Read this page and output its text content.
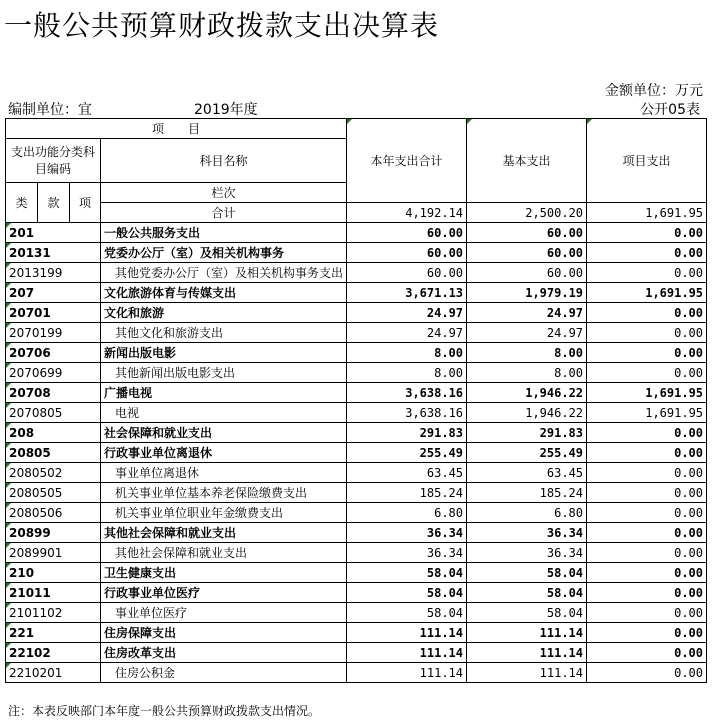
一般公共预算财政拨款支出决算表
金额单位：万元
编制单位：宜	2019年度	公开05表
项　　目				本年支出合计	基本支出	项目支出	
支出功能分类科目编码			科目名称				

类	款	项	栏次			
			合计	4,192.14	2,500.20	1,691.95	
201			一般公共服务支出	60.00	60.00	0.00	
20131			党委办公厅（室）及相关机构事务	60.00	60.00	0.00	
2013199			其他党委办公厅（室）及相关机构事务支出	60.00	60.00	0.00	
207			文化旅游体育与传媒支出	3,671.13	1,979.19	1,691.95	
20701			文化和旅游	24.97	24.97	0.00	
2070199			其他文化和旅游支出	24.97	24.97	0.00	
20706			新闻出版电影	8.00	8.00	0.00	
2070699			其他新闻出版电影支出	8.00	8.00	0.00	
20708			广播电视	3,638.16	1,946.22	1,691.95	
2070805			电视	3,638.16	1,946.22	1,691.95	
208			社会保障和就业支出	291.83	291.83	0.00	
20805			行政事业单位离退休	255.49	255.49	0.00	
2080502			事业单位离退休	63.45	63.45	0.00	
2080505			机关事业单位基本养老保险缴费支出	185.24	185.24	0.00	
2080506			机关事业单位职业年金缴费支出	6.80	6.80	0.00	
20899			其他社会保障和就业支出	36.34	36.34	0.00	
2089901			其他社会保障和就业支出	36.34	36.34	0.00	
210			卫生健康支出	58.04	58.04	0.00	
21011			行政事业单位医疗	58.04	58.04	0.00	
2101102			事业单位医疗	58.04	58.04	0.00	
221			住房保障支出	111.14	111.14	0.00	
22102			住房改革支出	111.14	111.14	0.00	
2210201			住房公积金	111.14	111.14	0.00	
注：本表反映部门本年度一般公共预算财政拨款支出情况。
